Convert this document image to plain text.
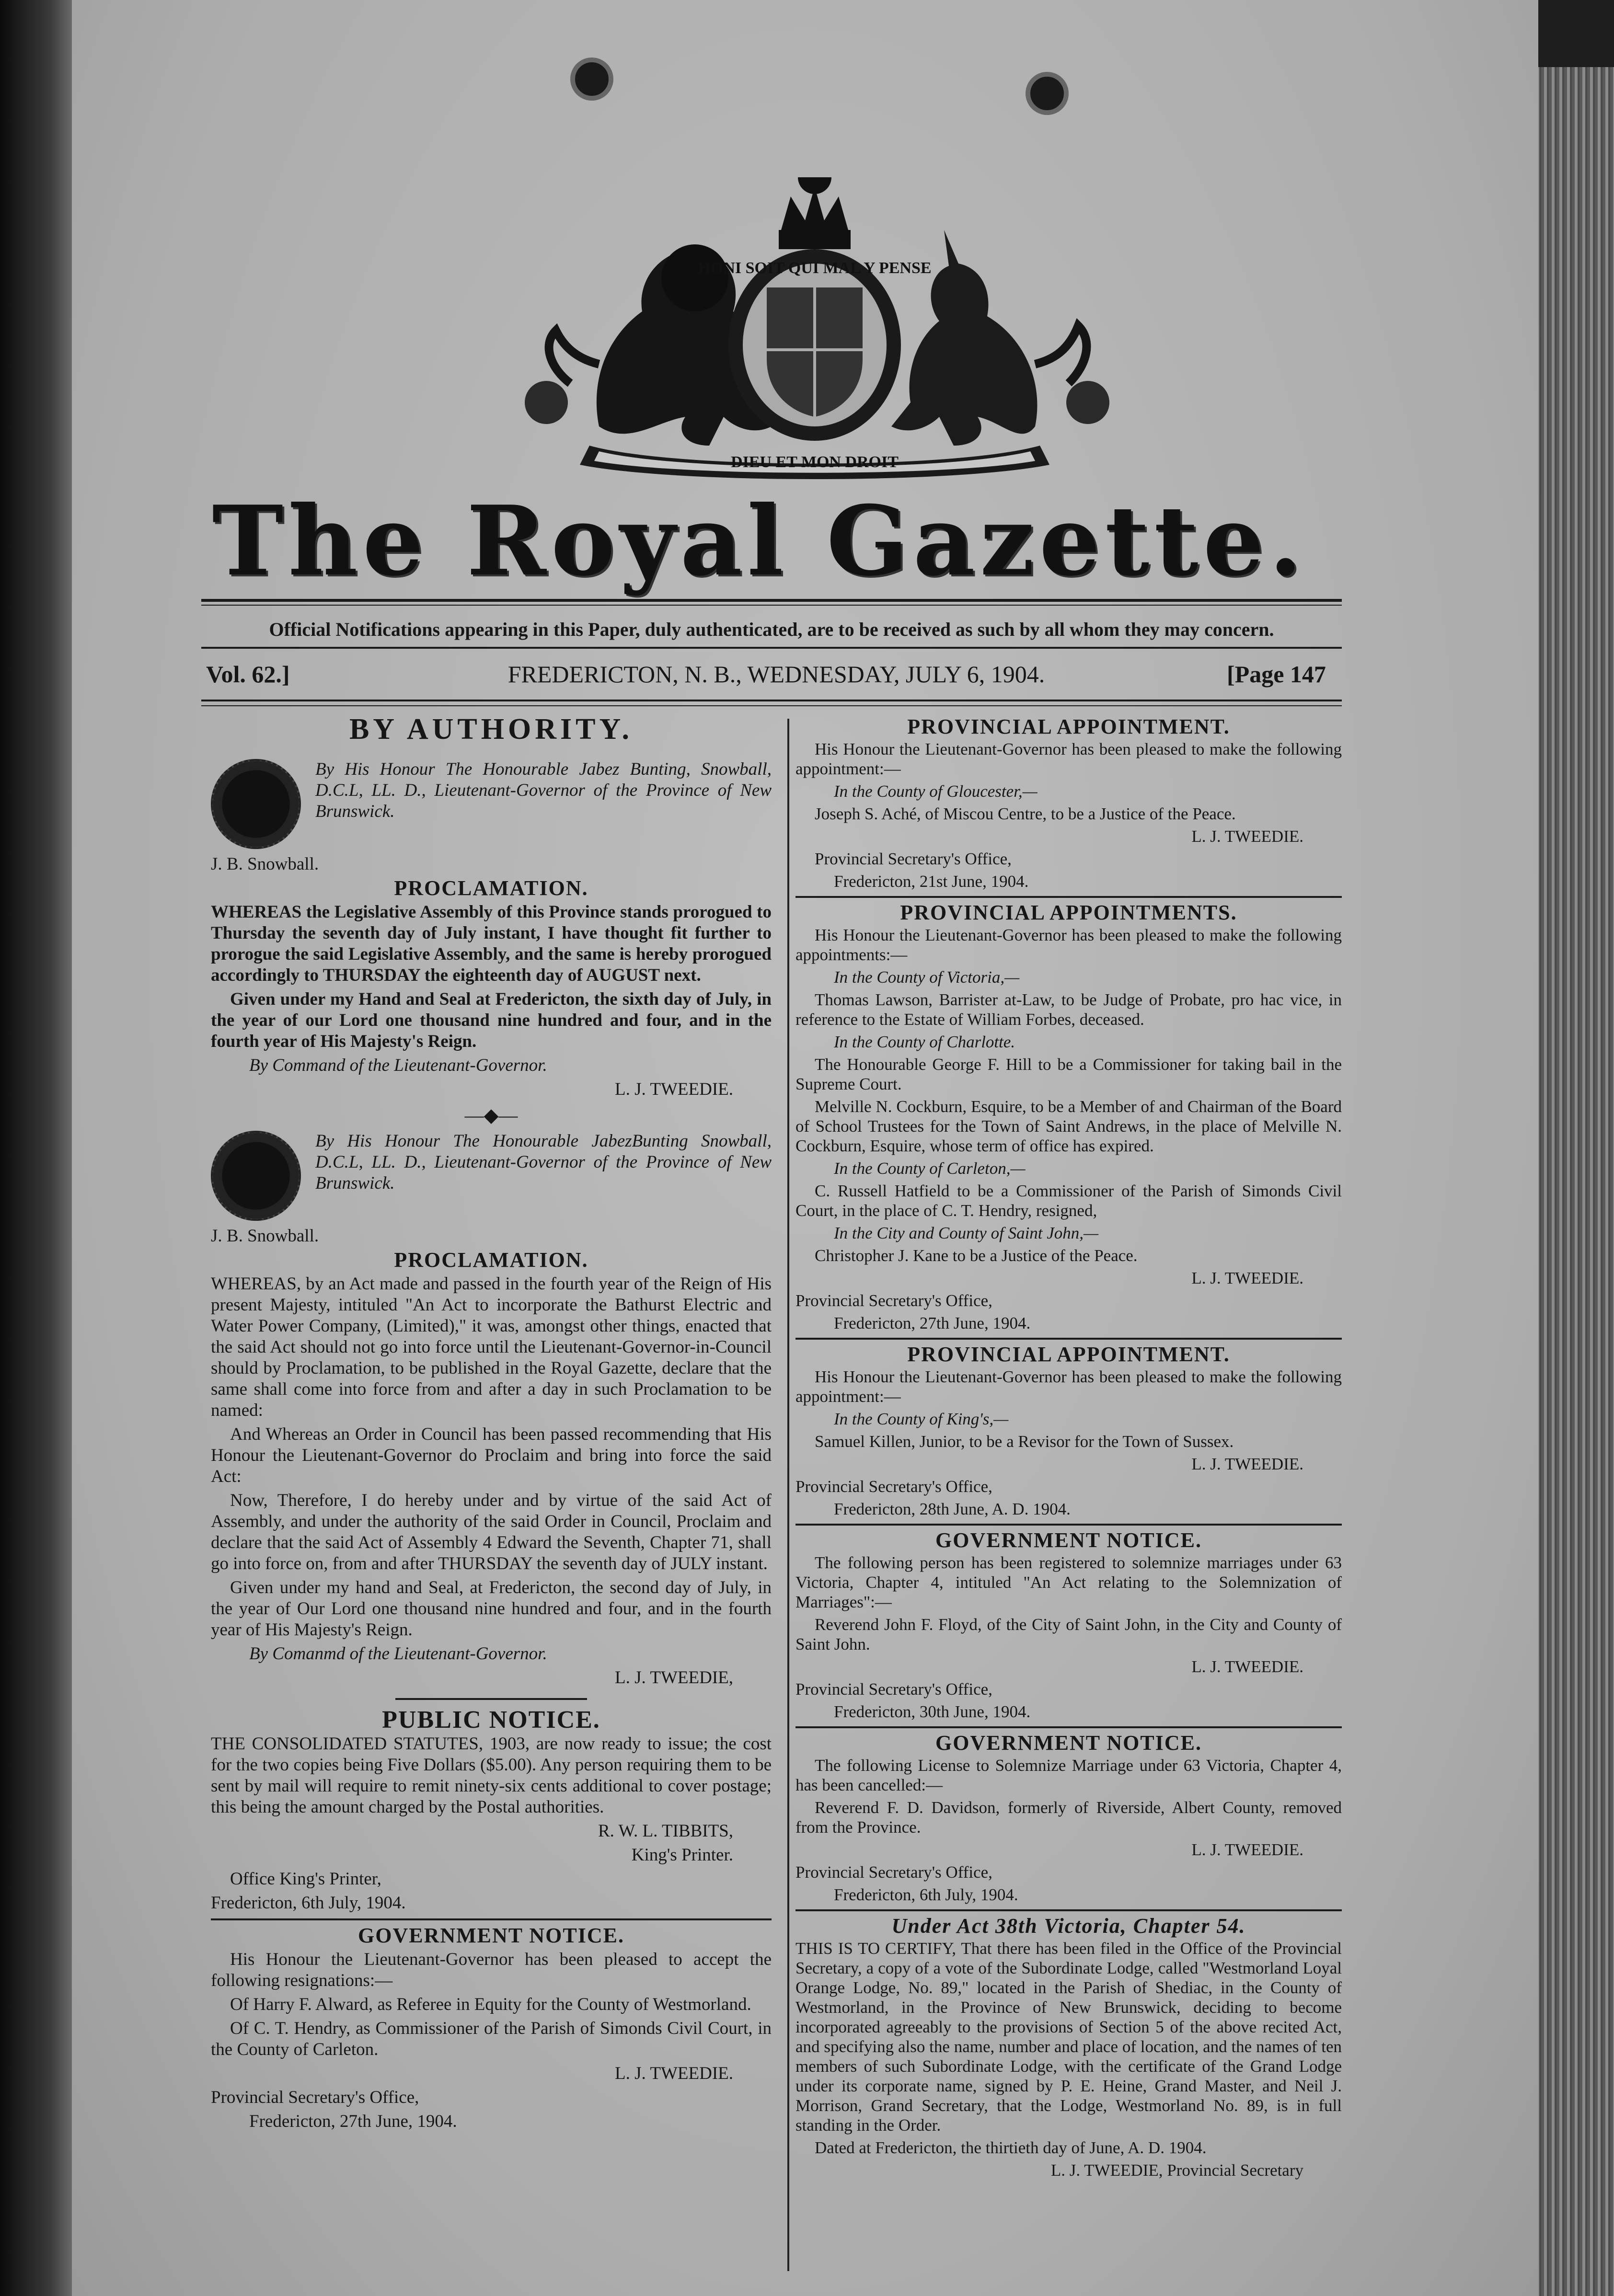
HONI SOIT QUI MAL Y PENSE
DIEU ET MON DROIT
The Royal Gazette.
Official Notifications appearing in this Paper, duly authenticated, are to be received as such by all whom they may concern.
Vol. 62.]	FREDERICTON, N. B., WEDNESDAY, JULY 6, 1904.	[Page 147
BY AUTHORITY.

By His Honour The Honourable Jabez Bunting, Snowball, D.C.L, LL. D., Lieutenant-Governor of the Province of New Brunswick.

J. B. Snowball.

PROCLAMATION.

WHEREAS the Legislative Assembly of this Province stands prorogued to Thursday the seventh day of July instant, I have thought fit further to prorogue the said Legislative Assembly, and the same is hereby prorogued accordingly to THURSDAY the eighteenth day of AUGUST next.

Given under my Hand and Seal at Fredericton, the sixth day of July, in the year of our Lord one thousand nine hundred and four, and in the fourth year of His Majesty's Reign.

By Command of the Lieutenant-Governor.

L. J. TWEEDIE.

—◆—

By His Honour The Honourable JabezBunting Snowball, D.C.L, LL. D., Lieutenant-Governor of the Province of New Brunswick.

J. B. Snowball.

PROCLAMATION.

WHEREAS, by an Act made and passed in the fourth year of the Reign of His present Majesty, intituled "An Act to incorporate the Bathurst Electric and Water Power Company, (Limited)," it was, amongst other things, enacted that the said Act should not go into force until the Lieutenant-Governor-in-Council should by Proclamation, to be published in the Royal Gazette, declare that the same shall come into force from and after a day in such Proclamation to be named:

And Whereas an Order in Council has been passed recommending that His Honour the Lieutenant-Governor do Proclaim and bring into force the said Act:

Now, Therefore, I do hereby under and by virtue of the said Act of Assembly, and under the authority of the said Order in Council, Proclaim and declare that the said Act of Assembly 4 Edward the Seventh, Chapter 71, shall go into force on, from and after THURSDAY the seventh day of JULY instant.

Given under my hand and Seal, at Fredericton, the second day of July, in the year of Our Lord one thousand nine hundred and four, and in the fourth year of His Majesty's Reign.

By Comanmd of the Lieutenant-Governor.

L. J. TWEEDIE,

PUBLIC NOTICE.

THE CONSOLIDATED STATUTES, 1903, are now ready to issue; the cost for the two copies being Five Dollars ($5.00). Any person requiring them to be sent by mail will require to remit ninety-six cents additional to cover postage; this being the amount charged by the Postal authorities.

R. W. L. TIBBITS,

King's Printer.

Office King's Printer,

Fredericton, 6th July, 1904.

GOVERNMENT NOTICE.

His Honour the Lieutenant-Governor has been pleased to accept the following resignations:—

Of Harry F. Alward, as Referee in Equity for the County of Westmorland.

Of C. T. Hendry, as Commissioner of the Parish of Simonds Civil Court, in the County of Carleton.

L. J. TWEEDIE.

Provincial Secretary's Office,

Fredericton, 27th June, 1904.

PROVINCIAL APPOINTMENT.

His Honour the Lieutenant-Governor has been pleased to make the following appointment:—

In the County of Gloucester,—

Joseph S. Aché, of Miscou Centre, to be a Justice of the Peace.

L. J. TWEEDIE.

Provincial Secretary's Office,

Fredericton, 21st June, 1904.

PROVINCIAL APPOINTMENTS.

His Honour the Lieutenant-Governor has been pleased to make the following appointments:—

In the County of Victoria,—

Thomas Lawson, Barrister at-Law, to be Judge of Probate, pro hac vice, in reference to the Estate of William Forbes, deceased.

In the County of Charlotte.

The Honourable George F. Hill to be a Commissioner for taking bail in the Supreme Court.

Melville N. Cockburn, Esquire, to be a Member of and Chairman of the Board of School Trustees for the Town of Saint Andrews, in the place of Melville N. Cockburn, Esquire, whose term of office has expired.

In the County of Carleton,—

C. Russell Hatfield to be a Commissioner of the Parish of Simonds Civil Court, in the place of C. T. Hendry, resigned,

In the City and County of Saint John,—

Christopher J. Kane to be a Justice of the Peace.

L. J. TWEEDIE.

Provincial Secretary's Office,

Fredericton, 27th June, 1904.

PROVINCIAL APPOINTMENT.

His Honour the Lieutenant-Governor has been pleased to make the following appointment:—

In the County of King's,—

Samuel Killen, Junior, to be a Revisor for the Town of Sussex.

L. J. TWEEDIE.

Provincial Secretary's Office,

Fredericton, 28th June, A. D. 1904.

GOVERNMENT NOTICE.

The following person has been registered to solemnize marriages under 63 Victoria, Chapter 4, intituled "An Act relating to the Solemnization of Marriages":—

Reverend John F. Floyd, of the City of Saint John, in the City and County of Saint John.

L. J. TWEEDIE.

Provincial Secretary's Office,

Fredericton, 30th June, 1904.

GOVERNMENT NOTICE.

The following License to Solemnize Marriage under 63 Victoria, Chapter 4, has been cancelled:—

Reverend F. D. Davidson, formerly of Riverside, Albert County, removed from the Province.

L. J. TWEEDIE.

Provincial Secretary's Office,

Fredericton, 6th July, 1904.

Under Act 38th Victoria, Chapter 54.

THIS IS TO CERTIFY, That there has been filed in the Office of the Provincial Secretary, a copy of a vote of the Subordinate Lodge, called "Westmorland Loyal Orange Lodge, No. 89," located in the Parish of Shediac, in the County of Westmorland, in the Province of New Brunswick, deciding to become incorporated agreeably to the provisions of Section 5 of the above recited Act, and specifying also the name, number and place of location, and the names of ten members of such Subordinate Lodge, with the certificate of the Grand Lodge under its corporate name, signed by P. E. Heine, Grand Master, and Neil J. Morrison, Grand Secretary, that the Lodge, Westmorland No. 89, is in full standing in the Order.

Dated at Fredericton, the thirtieth day of June, A. D. 1904.

L. J. TWEEDIE, Provincial Secretary
